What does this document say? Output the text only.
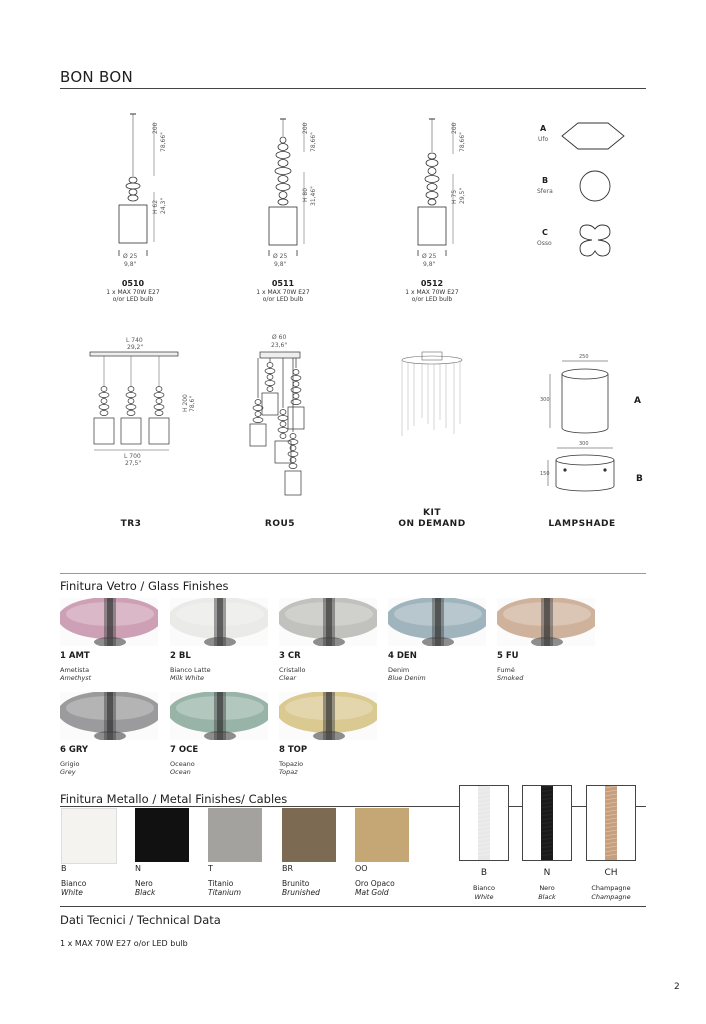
BON BON
200
78,66"
H 62 24,3"
Ø 25
9,8"
0510
1 x MAX 70W E27
o/or LED bulb
200
78,66"
H 80 31,46"
Ø 25
9,8"
0511
1 x MAX 70W E27
o/or LED bulb
200
78,66"
H 75 29,5"
Ø 25
9,8"
0512
1 x MAX 70W E27
o/or LED bulb
A
Ufo
B
Sfera
C
Osso
L 740
29,2"
H 200 78,6"
L 700
27,5"
TR3
Ø 60
23,6"
ROU5
KIT
ON DEMAND
250
300
300
150
A
B
LAMPSHADE
Finitura Vetro / Glass Finishes
1 AMT
Ametista
Amethyst
2 BL
Bianco Latte
Milk White
3 CR
Cristallo
Clear
4 DEN
Denim
Blue Denim
5 FU
Fumé
Smoked
6 GRY
Grigio
Grey
7 OCE
Oceano
Ocean
8 TOP
Topazio
Topaz
Finitura Metallo / Metal Finishes/ Cables
B
Bianco
White
N
Nero
Black
T
Titanio
Titanium
BR
Brunito
Brunished
OO
Oro Opaco
Mat Gold
B
Bianco
White
N
Nero
Black
CH
Champagne
Champagne
Dati Tecnici / Technical Data
1 x MAX 70W E27 o/or LED bulb
2
